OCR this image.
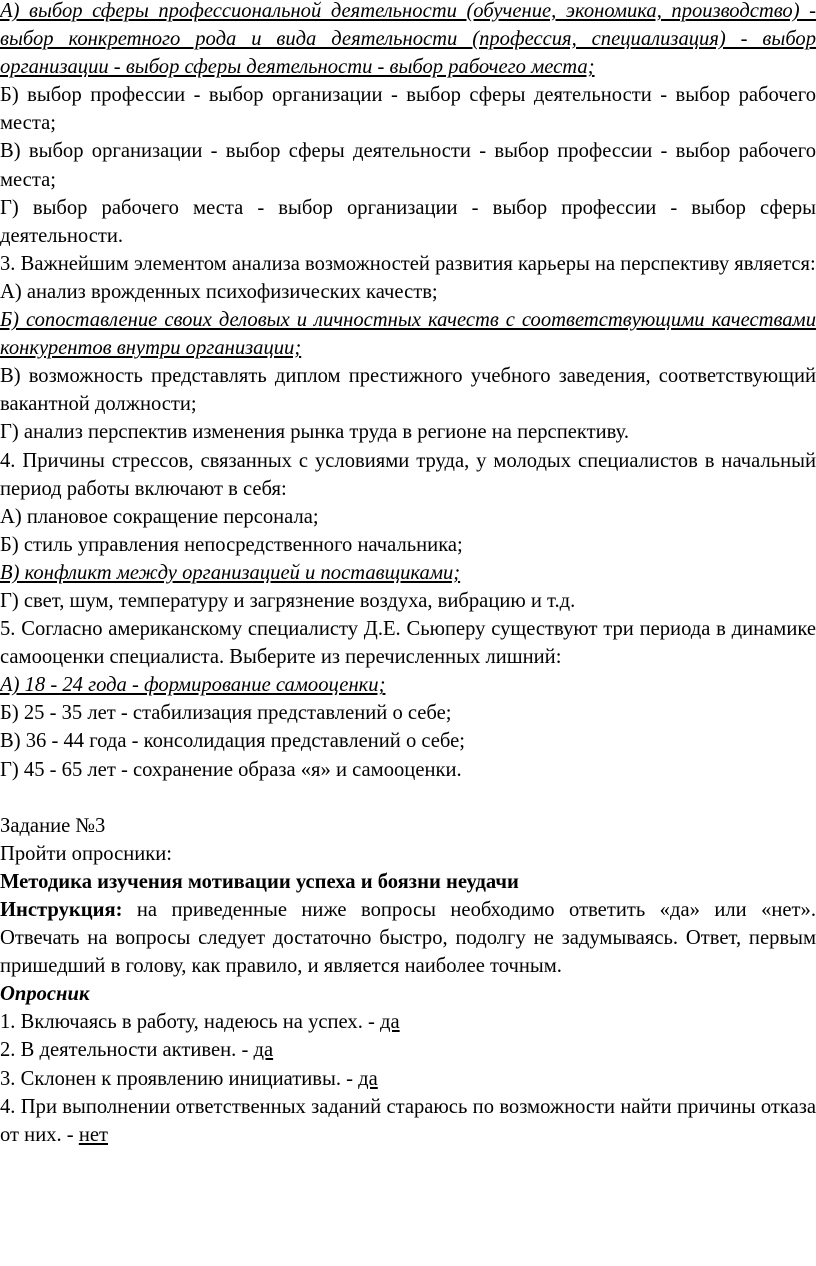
А) выбор сферы профессиональной деятельности (обучение, экономика, производство) - выбор конкретного рода и вида деятельности (профессия, специализация) - выбор организации - выбор сферы деятельности - выбор рабочего места;

Б) выбор профессии - выбор организации - выбор сферы деятельности - выбор рабочего места;

В) выбор организации - выбор сферы деятельности - выбор профессии - выбор рабочего места;

Г) выбор рабочего места - выбор организации - выбор профессии - выбор сферы деятельности.

3. Важнейшим элементом анализа возможностей развития карьеры на перспективу является:

А) анализ врожденных психофизических качеств;

Б) сопоставление своих деловых и личностных качеств с соответствующими качествами конкурентов внутри организации;

В) возможность представлять диплом престижного учебного заведения, соответствующий вакантной должности;

Г) анализ перспектив изменения рынка труда в регионе на перспективу.

4. Причины стрессов, связанных с условиями труда, у молодых специалистов в начальный период работы включают в себя:

А) плановое сокращение персонала;

Б) стиль управления непосредственного начальника;

В) конфликт между организацией и поставщиками;

Г) свет, шум, температуру и загрязнение воздуха, вибрацию и т.д.

5. Согласно американскому специалисту Д.Е. Сьюперу существуют три периода в динамике самооценки специалиста. Выберите из перечисленных лишний:

А) 18 - 24 года - формирование самооценки;

Б) 25 - 35 лет - стабилизация представлений о себе;

В) 36 - 44 года - консолидация представлений о себе;

Г) 45 - 65 лет - сохранение образа «я» и самооценки.

Задание №3

Пройти опросники:

Методика изучения мотивации успеха и боязни неудачи

Инструкция: на приведенные ниже вопросы необходимо ответить «да» или «нет». Отвечать на вопросы следует достаточно быстро, подолгу не задумываясь. Ответ, первым пришедший в голову, как правило, и является наиболее точным.

Опросник

1. Включаясь в работу, надеюсь на успех. - да

2. В деятельности активен. - да

3. Склонен к проявлению инициативы. - да

4. При выполнении ответственных заданий стараюсь по возможности найти причины отказа от них. - нет
